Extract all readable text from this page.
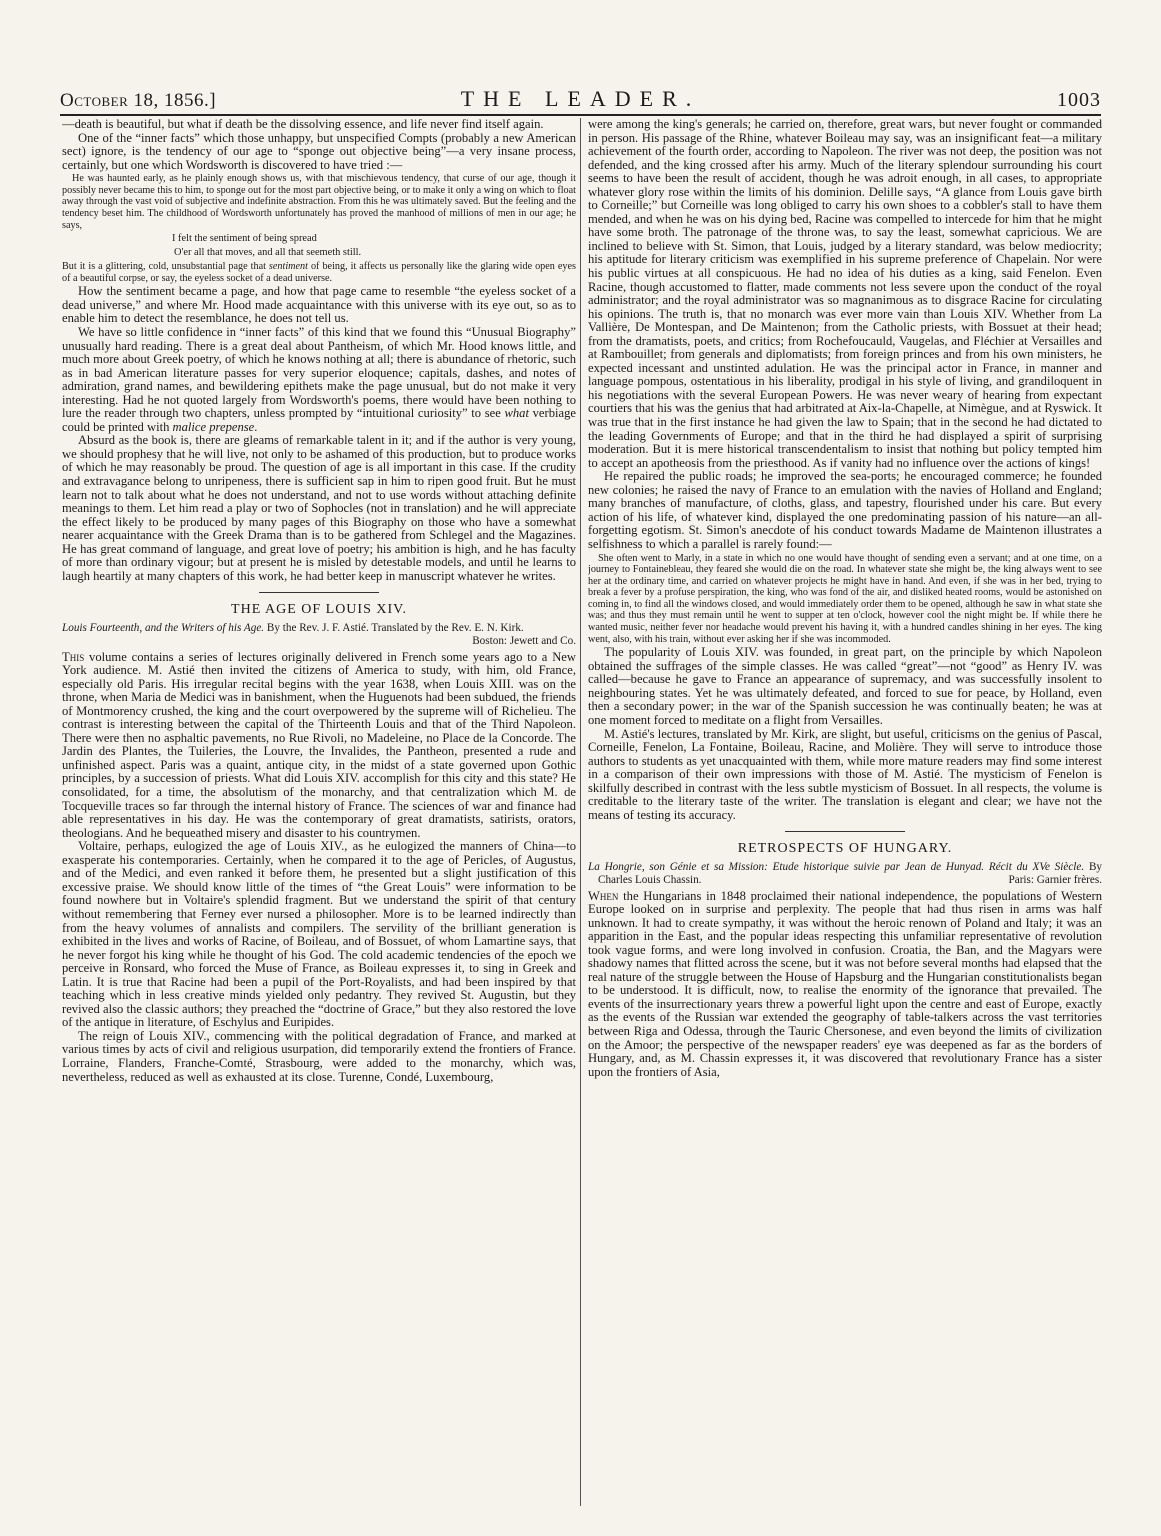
October 18, 1856.]	THE LEADER.	1003

—death is beautiful, but what if death be the dissolving essence, and life never find itself again.

One of the “inner facts” which those unhappy, but unspecified Compts (probably a new American sect) ignore, is the tendency of our age to “sponge out objective being”—a very insane process, certainly, but one which Wordsworth is discovered to have tried :—

He was haunted early, as he plainly enough shows us, with that mischievous tendency, that curse of our age, though it possibly never became this to him, to sponge out for the most part objective being, or to make it only a wing on which to float away through the vast void of subjective and indefinite abstraction. From this he was ultimately saved. But the feeling and the tendency beset him. The childhood of Wordsworth unfortunately has proved the manhood of millions of men in our age; he says,

I felt the sentiment of being spread

O'er all that moves, and all that seemeth still.

But it is a glittering, cold, unsubstantial page that sentiment of being, it affects us personally like the glaring wide open eyes of a beautiful corpse, or say, the eyeless socket of a dead universe.

How the sentiment became a page, and how that page came to resemble “the eyeless socket of a dead universe,” and where Mr. Hood made acquaintance with this universe with its eye out, so as to enable him to detect the resemblance, he does not tell us.

We have so little confidence in “inner facts” of this kind that we found this “Unusual Biography” unusually hard reading. There is a great deal about Pantheism, of which Mr. Hood knows little, and much more about Greek poetry, of which he knows nothing at all; there is abundance of rhetoric, such as in bad American literature passes for very superior eloquence; capitals, dashes, and notes of admiration, grand names, and bewildering epithets make the page unusual, but do not make it very interesting. Had he not quoted largely from Wordsworth's poems, there would have been nothing to lure the reader through two chapters, unless prompted by “intuitional curiosity” to see what verbiage could be printed with malice prepense.

Absurd as the book is, there are gleams of remarkable talent in it; and if the author is very young, we should prophesy that he will live, not only to be ashamed of this production, but to produce works of which he may reasonably be proud. The question of age is all important in this case. If the crudity and extravagance belong to unripeness, there is sufficient sap in him to ripen good fruit. But he must learn not to talk about what he does not understand, and not to use words without attaching definite meanings to them. Let him read a play or two of Sophocles (not in translation) and he will appreciate the effect likely to be produced by many pages of this Biography on those who have a somewhat nearer acquaintance with the Greek Drama than is to be gathered from Schlegel and the Magazines. He has great command of language, and great love of poetry; his ambition is high, and he has faculty of more than ordinary vigour; but at present he is misled by detestable models, and until he learns to laugh heartily at many chapters of this work, he had better keep in manuscript whatever he writes.

THE AGE OF LOUIS XIV.

Louis Fourteenth, and the Writers of his Age. By the Rev. J. F. Astié. Translated by the Rev. E. N. Kirk.
Boston: Jewett and Co.

This volume contains a series of lectures originally delivered in French some years ago to a New York audience. M. Astié then invited the citizens of America to study, with him, old France, especially old Paris. His irregular recital begins with the year 1638, when Louis XIII. was on the throne, when Maria de Medici was in banishment, when the Huguenots had been subdued, the friends of Montmorency crushed, the king and the court overpowered by the supreme will of Richelieu. The contrast is interesting between the capital of the Thirteenth Louis and that of the Third Napoleon. There were then no asphaltic pavements, no Rue Rivoli, no Madeleine, no Place de la Concorde. The Jardin des Plantes, the Tuileries, the Louvre, the Invalides, the Pantheon, presented a rude and unfinished aspect. Paris was a quaint, antique city, in the midst of a state governed upon Gothic principles, by a succession of priests. What did Louis XIV. accomplish for this city and this state? He consolidated, for a time, the absolutism of the monarchy, and that centralization which M. de Tocqueville traces so far through the internal history of France. The sciences of war and finance had able representatives in his day. He was the contemporary of great dramatists, satirists, orators, theologians. And he bequeathed misery and disaster to his countrymen.

Voltaire, perhaps, eulogized the age of Louis XIV., as he eulogized the manners of China—to exasperate his contemporaries. Certainly, when he compared it to the age of Pericles, of Augustus, and of the Medici, and even ranked it before them, he presented but a slight justification of this excessive praise. We should know little of the times of “the Great Louis” were information to be found nowhere but in Voltaire's splendid fragment. But we understand the spirit of that century without remembering that Ferney ever nursed a philosopher. More is to be learned indirectly than from the heavy volumes of annalists and compilers. The servility of the brilliant generation is exhibited in the lives and works of Racine, of Boileau, and of Bossuet, of whom Lamartine says, that he never forgot his king while he thought of his God. The cold academic tendencies of the epoch we perceive in Ronsard, who forced the Muse of France, as Boileau expresses it, to sing in Greek and Latin. It is true that Racine had been a pupil of the Port-Royalists, and had been inspired by that teaching which in less creative minds yielded only pedantry. They revived St. Augustin, but they revived also the classic authors; they preached the “doctrine of Grace,” but they also restored the love of the antique in literature, of Eschylus and Euripides.

The reign of Louis XIV., commencing with the political degradation of France, and marked at various times by acts of civil and religious usurpation, did temporarily extend the frontiers of France. Lorraine, Flanders, Franche-Comté, Strasbourg, were added to the monarchy, which was, nevertheless, reduced as well as exhausted at its close. Turenne, Condé, Luxembourg,

were among the king's generals; he carried on, therefore, great wars, but never fought or commanded in person. His passage of the Rhine, whatever Boileau may say, was an insignificant feat—a military achievement of the fourth order, according to Napoleon. The river was not deep, the position was not defended, and the king crossed after his army. Much of the literary splendour surrounding his court seems to have been the result of accident, though he was adroit enough, in all cases, to appropriate whatever glory rose within the limits of his dominion. Delille says, “A glance from Louis gave birth to Corneille;” but Corneille was long obliged to carry his own shoes to a cobbler's stall to have them mended, and when he was on his dying bed, Racine was compelled to intercede for him that he might have some broth. The patronage of the throne was, to say the least, somewhat capricious. We are inclined to believe with St. Simon, that Louis, judged by a literary standard, was below mediocrity; his aptitude for literary criticism was exemplified in his supreme preference of Chapelain. Nor were his public virtues at all conspicuous. He had no idea of his duties as a king, said Fenelon. Even Racine, though accustomed to flatter, made comments not less severe upon the conduct of the royal administrator; and the royal administrator was so magnanimous as to disgrace Racine for circulating his opinions. The truth is, that no monarch was ever more vain than Louis XIV. Whether from La Vallière, De Montespan, and De Maintenon; from the Catholic priests, with Bossuet at their head; from the dramatists, poets, and critics; from Rochefoucauld, Vaugelas, and Fléchier at Versailles and at Rambouillet; from generals and diplomatists; from foreign princes and from his own ministers, he expected incessant and unstinted adulation. He was the principal actor in France, in manner and language pompous, ostentatious in his liberality, prodigal in his style of living, and grandiloquent in his negotiations with the several European Powers. He was never weary of hearing from expectant courtiers that his was the genius that had arbitrated at Aix-la-Chapelle, at Nimègue, and at Ryswick. It was true that in the first instance he had given the law to Spain; that in the second he had dictated to the leading Governments of Europe; and that in the third he had displayed a spirit of surprising moderation. But it is mere historical transcendentalism to insist that nothing but policy tempted him to accept an apotheosis from the priesthood. As if vanity had no influence over the actions of kings!

He repaired the public roads; he improved the sea-ports; he encouraged commerce; he founded new colonies; he raised the navy of France to an emulation with the navies of Holland and England; many branches of manufacture, of cloths, glass, and tapestry, flourished under his care. But every action of his life, of whatever kind, displayed the one predominating passion of his nature—an all-forgetting egotism. St. Simon's anecdote of his conduct towards Madame de Maintenon illustrates a selfishness to which a parallel is rarely found:—

She often went to Marly, in a state in which no one would have thought of sending even a servant; and at one time, on a journey to Fontainebleau, they feared she would die on the road. In whatever state she might be, the king always went to see her at the ordinary time, and carried on whatever projects he might have in hand. And even, if she was in her bed, trying to break a fever by a profuse perspiration, the king, who was fond of the air, and disliked heated rooms, would be astonished on coming in, to find all the windows closed, and would immediately order them to be opened, although he saw in what state she was; and thus they must remain until he went to supper at ten o'clock, however cool the night might be. If while there he wanted music, neither fever nor headache would prevent his having it, with a hundred candles shining in her eyes. The king went, also, with his train, without ever asking her if she was incommoded.

The popularity of Louis XIV. was founded, in great part, on the principle by which Napoleon obtained the suffrages of the simple classes. He was called “great”—not “good” as Henry IV. was called—because he gave to France an appearance of supremacy, and was successfully insolent to neighbouring states. Yet he was ultimately defeated, and forced to sue for peace, by Holland, even then a secondary power; in the war of the Spanish succession he was continually beaten; he was at one moment forced to meditate on a flight from Versailles.

M. Astié's lectures, translated by Mr. Kirk, are slight, but useful, criticisms on the genius of Pascal, Corneille, Fenelon, La Fontaine, Boileau, Racine, and Molière. They will serve to introduce those authors to students as yet unacquainted with them, while more mature readers may find some interest in a comparison of their own impressions with those of M. Astié. The mysticism of Fenelon is skilfully described in contrast with the less subtle mysticism of Bossuet. In all respects, the volume is creditable to the literary taste of the writer. The translation is elegant and clear; we have not the means of testing its accuracy.

RETROSPECTS OF HUNGARY.

La Hongrie, son Génie et sa Mission: Etude historique suivie par Jean de Hunyad. Récit du XVe Siècle. By Charles Louis Chassin.	Paris: Garnier frères.

When the Hungarians in 1848 proclaimed their national independence, the populations of Western Europe looked on in surprise and perplexity. The people that had thus risen in arms was half unknown. It had to create sympathy, it was without the heroic renown of Poland and Italy; it was an apparition in the East, and the popular ideas respecting this unfamiliar representative of revolution took vague forms, and were long involved in confusion. Croatia, the Ban, and the Magyars were shadowy names that flitted across the scene, but it was not before several months had elapsed that the real nature of the struggle between the House of Hapsburg and the Hungarian constitutionalists began to be understood. It is difficult, now, to realise the enormity of the ignorance that prevailed. The events of the insurrectionary years threw a powerful light upon the centre and east of Europe, exactly as the events of the Russian war extended the geography of table-talkers across the vast territories between Riga and Odessa, through the Tauric Chersonese, and even beyond the limits of civilization on the Amoor; the perspective of the newspaper readers' eye was deepened as far as the borders of Hungary, and, as M. Chassin expresses it, it was discovered that revolutionary France has a sister upon the frontiers of Asia,
